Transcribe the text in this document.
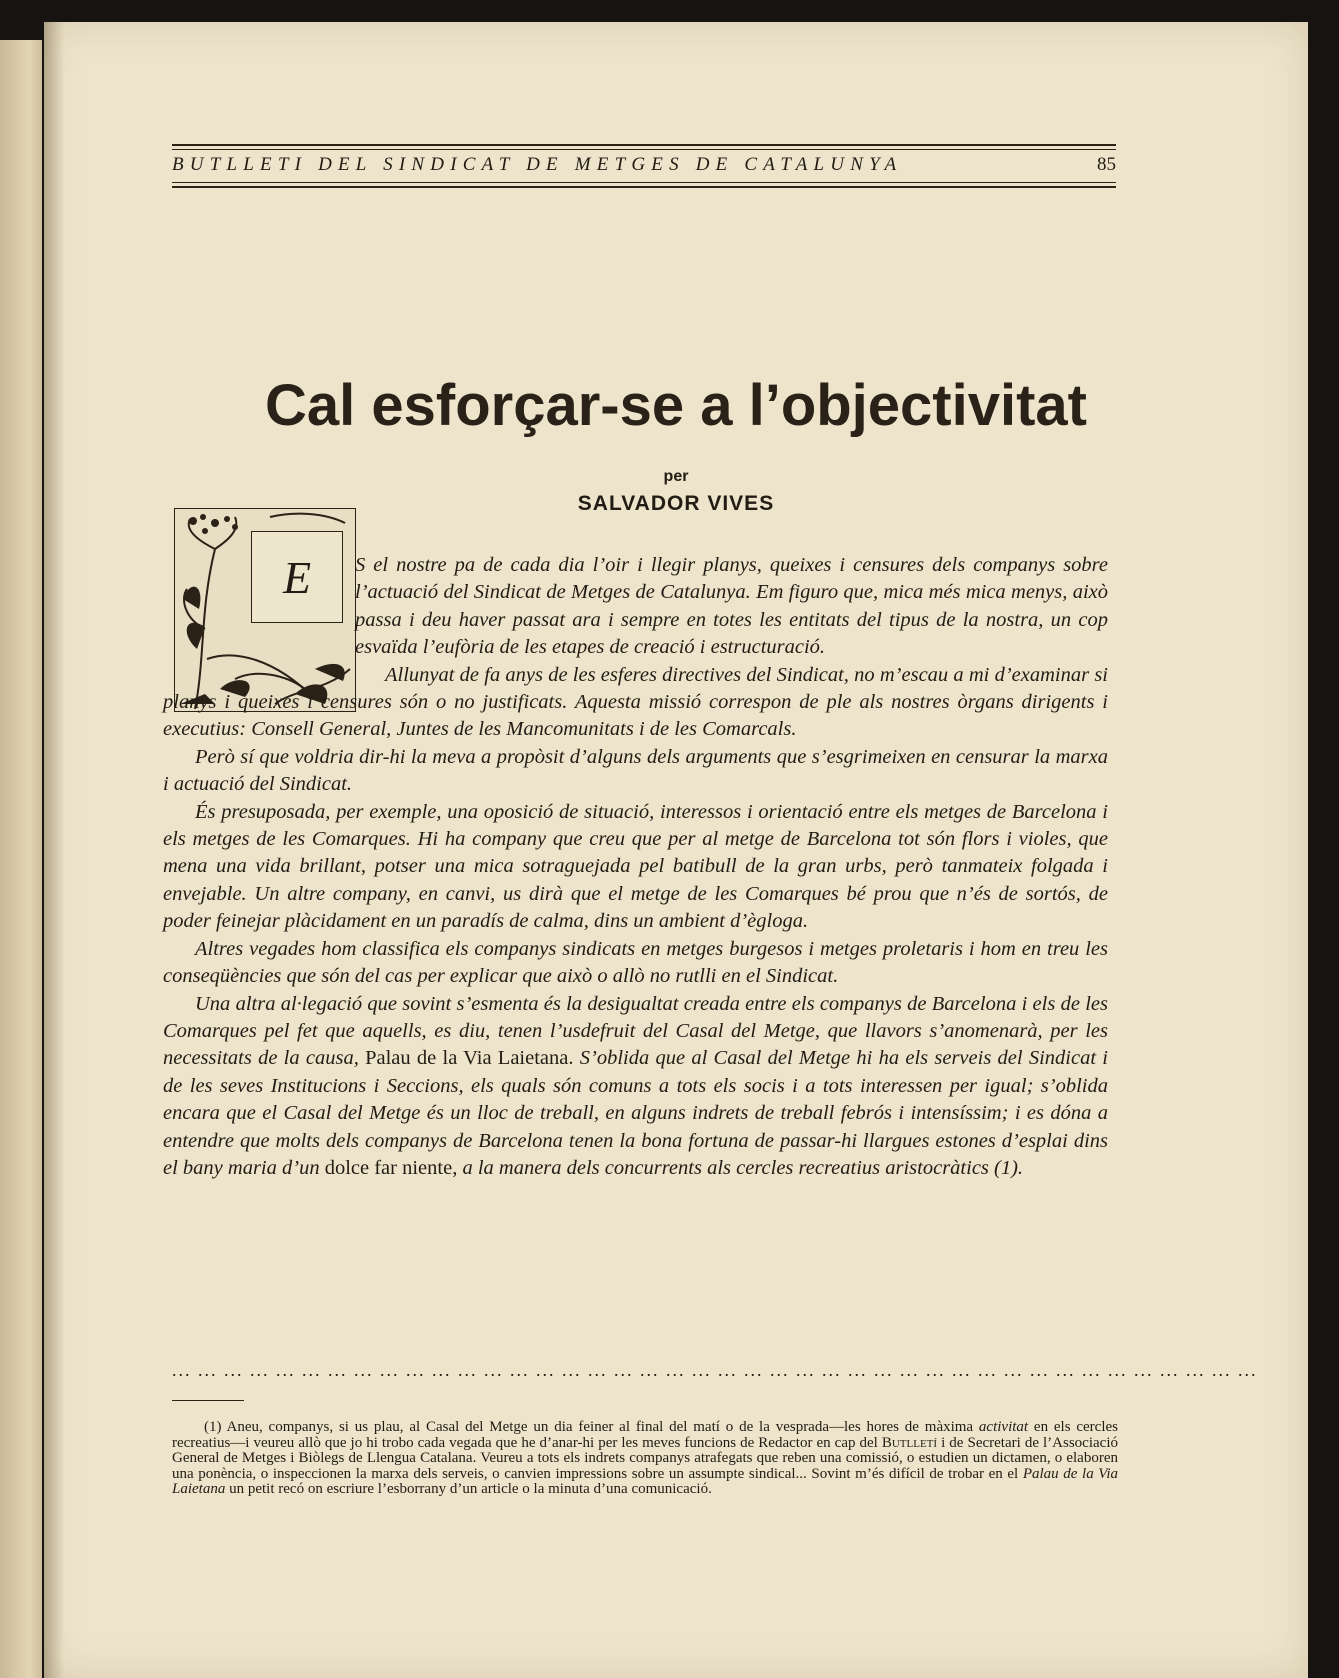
BUTLLETI DEL SINDICAT DE METGES DE CATALUNYA	85
Cal esforçar-se a l’objectivitat
per
SALVADOR VIVES
E	S el nostre pa de cada dia l’oir i llegir planys, queixes i censures dels companys sobre l’actuació del Sindicat de Metges de Catalunya. Em figuro que, mica més mica menys, això passa i deu haver passat ara i sempre en totes les entitats del tipus de la nostra, un cop esvaïda l’eufòria de les etapes de creació i estructuració.

Allunyat de fa anys de les esferes directives del Sindicat, no m’escau a mi d’examinar si planys i queixes i censures són o no justificats. Aquesta missió correspon de ple als nostres òrgans dirigents i executius: Consell General, Juntes de les Mancomunitats i de les Comarcals.

Però sí que voldria dir-hi la meva a propòsit d’alguns dels arguments que s’esgrimeixen en censurar la marxa i actuació del Sindicat.

És presuposada, per exemple, una oposició de situació, interessos i orientació entre els metges de Barcelona i els metges de les Comarques. Hi ha company que creu que per al metge de Barcelona tot són flors i violes, que mena una vida brillant, potser una mica sotraguejada pel batibull de la gran urbs, però tanmateix folgada i envejable. Un altre company, en canvi, us dirà que el metge de les Comarques bé prou que n’és de sortós, de poder feinejar plàcidament en un paradís de calma, dins un ambient d’ègloga.

Altres vegades hom classifica els companys sindicats en metges burgesos i metges proletaris i hom en treu les conseqüències que són del cas per explicar que això o allò no rutlli en el Sindicat.

Una altra al·legació que sovint s’esmenta és la desigualtat creada entre els companys de Barcelona i els de les Comarques pel fet que aquells, es diu, tenen l’usdefruit del Casal del Metge, que llavors s’anomenarà, per les necessitats de la causa, Palau de la Via Laietana. S’oblida que al Casal del Metge hi ha els serveis del Sindicat i de les seves Institucions i Seccions, els quals són comuns a tots els socis i a tots interessen per igual; s’oblida encara que el Casal del Metge és un lloc de treball, en alguns indrets de treball febrós i intensíssim; i es dóna a entendre que molts dels companys de Barcelona tenen la bona fortuna de passar-hi llargues estones d’esplai dins el bany maria d’un dolce far niente, a la manera dels concurrents als cercles recreatius aristocràtics (1).

... ... ... ... ... ... ... ... ... ... ... ... ... ... ... ... ... ... ... ... ... ... ... ... ... ... ... ... ... ... ... ... ... ... ... ... ... ... ... ... ... ...
(1) Aneu, companys, si us plau, al Casal del Metge un dia feiner al final del matí o de la vesprada—les hores de màxima activitat en els cercles recreatius—i veureu allò que jo hi trobo cada vegada que he d’anar-hi per les meves funcions de Redactor en cap del Butlletí i de Secretari de l’Associació General de Metges i Biòlegs de Llengua Catalana. Veureu a tots els indrets companys atrafegats que reben una comissió, o estudien un dictamen, o elaboren una ponència, o inspeccionen la marxa dels serveis, o canvien impressions sobre un assumpte sindical... Sovint m’és difícil de trobar en el Palau de la Via Laietana un petit recó on escriure l’esborrany d’un article o la minuta d’una comunicació.
